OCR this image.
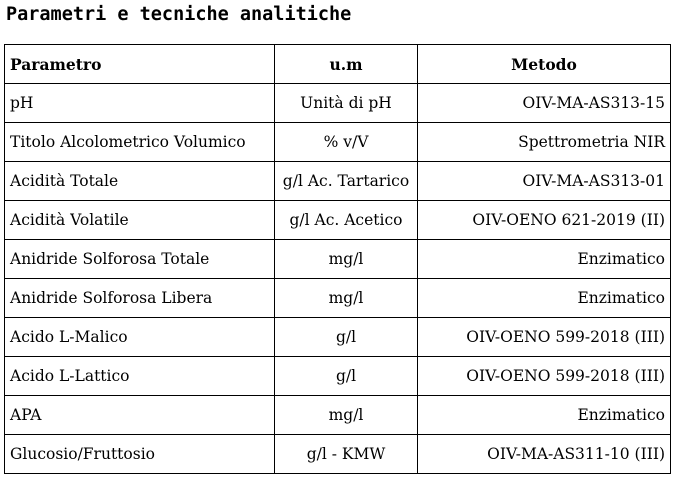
Parametri e tecniche analitiche
Parametro	u.m	Metodo
pH	Unità di pH	OIV-MA-AS313-15
Titolo Alcolometrico Volumico	% v/V	Spettrometria NIR
Acidità Totale	g/l Ac. Tartarico	OIV-MA-AS313-01
Acidità Volatile	g/l Ac. Acetico	OIV-OENO 621-2019 (II)
Anidride Solforosa Totale	mg/l	Enzimatico
Anidride Solforosa Libera	mg/l	Enzimatico
Acido L-Malico	g/l	OIV-OENO 599-2018 (III)
Acido L-Lattico	g/l	OIV-OENO 599-2018 (III)
APA	mg/l	Enzimatico
Glucosio/Fruttosio	g/l - KMW	OIV-MA-AS311-10 (III)
